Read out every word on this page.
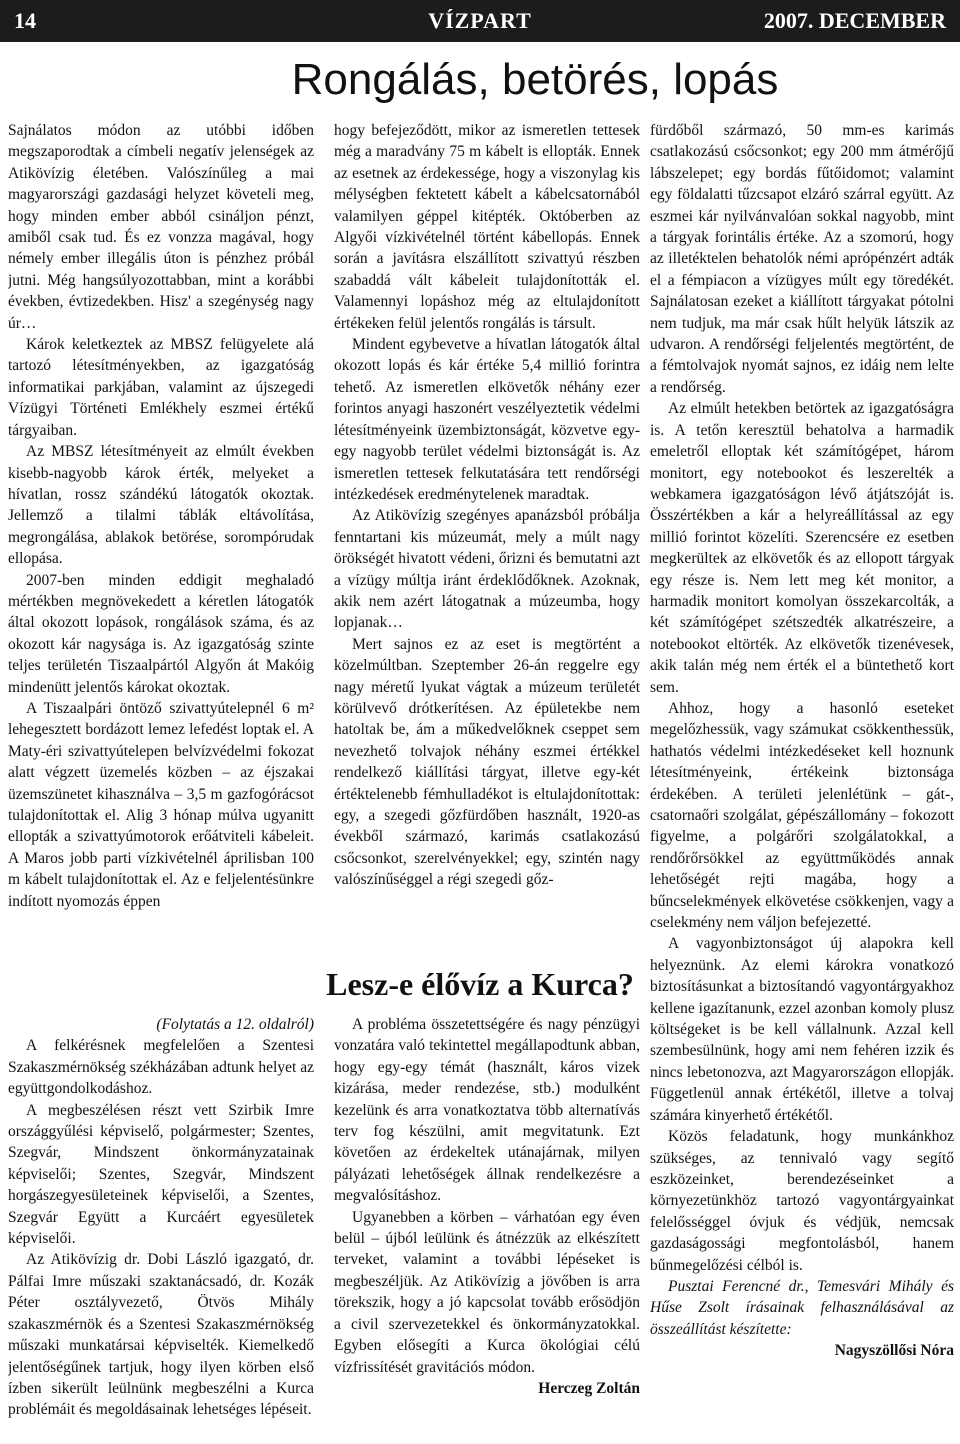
14	VÍZPART	2007. DECEMBER
Rongálás, betörés, lopás

Sajnálatos módon az utóbbi időben megszaporodtak a címbeli negatív jelenségek az Atikövízig életében. Valószínűleg a mai magyarországi gazdasági helyzet követeli meg, hogy minden ember abból csináljon pénzt, amiből csak tud. És ez vonzza magával, hogy némely ember illegális úton is pénzhez próbál jutni. Még hangsúlyozottabban, mint a korábbi években, évtizedekben. Hisz' a szegénység nagy úr…

Károk keletkeztek az MBSZ felügyelete alá tartozó létesítményekben, az igazgatóság informatikai parkjában, valamint az újszegedi Vízügyi Történeti Emlékhely eszmei értékű tárgyaiban.

Az MBSZ létesítményeit az elmúlt években kisebb-nagyobb károk érték, melyeket a hívatlan, rossz szándékú látogatók okoztak. Jellemző a tilalmi táblák eltávolítása, megrongálása, ablakok betörése, sorompórudak ellopása.

2007-ben minden eddigit meghaladó mértékben megnövekedett a kéretlen látogatók által okozott lopások, rongálások száma, és az okozott kár nagysága is. Az igazgatóság szinte teljes területén Tiszaalpártól Algyőn át Makóig mindenütt jelentős károkat okoztak.

A Tiszaalpári öntöző szivattyútelepnél 6 m² lehegesztett bordázott lemez lefedést loptak el. A Maty-éri szivattyútelepen belvízvédelmi fokozat alatt végzett üzemelés közben – az éjszakai üzemszünetet kihasználva – 3,5 m gazfogórácsot tulajdonítottak el. Alig 3 hónap múlva ugyanitt ellopták a szivattyúmotorok erőátviteli kábeleit. A Maros jobb parti vízkivételnél áprilisban 100 m kábelt tulajdonítottak el. Az e feljelentésünkre indított nyomozás éppen

hogy befejeződött, mikor az ismeretlen tettesek még a maradvány 75 m kábelt is ellopták. Ennek az esetnek az érdekessége, hogy a viszonylag kis mélységben fektetett kábelt a kábelcsatornából valamilyen géppel kitépték. Októberben az Algyői vízkivételnél történt kábellopás. Ennek során a javításra elszállított szivattyú részben szabaddá vált kábeleit tulajdonították el. Valamennyi lopáshoz még az eltulajdonított értékeken felül jelentős rongálás is társult.

Mindent egybevetve a hívatlan látogatók által okozott lopás és kár értéke 5,4 millió forintra tehető. Az ismeretlen elkövetők néhány ezer forintos anyagi haszonért veszélyeztetik védelmi létesítményeink üzembiztonságát, közvetve egy-egy nagyobb terület védelmi biztonságát is. Az ismeretlen tettesek felkutatására tett rendőrségi intézkedések eredménytelenek maradtak.

Az Atikövízig szegényes apanázsból próbálja fenntartani kis múzeumát, mely a múlt nagy örökségét hivatott védeni, őrizni és bemutatni azt a vízügy múltja iránt érdeklődőknek. Azoknak, akik nem azért látogatnak a múzeumba, hogy lopjanak…

Mert sajnos ez az eset is megtörtént a közelmúltban. Szeptember 26-án reggelre egy nagy méretű lyukat vágtak a múzeum területét körülvevő drótkerítésen. Az épületekbe nem hatoltak be, ám a műkedvelőknek cseppet sem nevezhető tolvajok néhány eszmei értékkel rendelkező kiállítási tárgyat, illetve egy-két értéktelenebb fémhulladékot is eltulajdonítottak: egy, a szegedi gőzfürdőben használt, 1920-as évekből származó, karimás csatlakozású csőcsonkot, szerelvényekkel; egy, szintén nagy valószínűséggel a régi szegedi gőz-

fürdőből származó, 50 mm-es karimás csatlakozású csőcsonkot; egy 200 mm átmérőjű lábszelepet; egy bordás fűtőidomot; valamint egy földalatti tűzcsapot elzáró szárral együtt. Az eszmei kár nyilvánvalóan sokkal nagyobb, mint a tárgyak forintális értéke. Az a szomorú, hogy az illetéktelen behatolók némi aprópénzért adták el a fémpiacon a vízügyes múlt egy töredékét. Sajnálatosan ezeket a kiállított tárgyakat pótolni nem tudjuk, ma már csak hűlt helyük látszik az udvaron. A rendőrségi feljelentés megtörtént, de a fémtolvajok nyomát sajnos, ez idáig nem lelte a rendőrség.

Az elmúlt hetekben betörtek az igazgatóságra is. A tetőn keresztül behatolva a harmadik emeletről elloptak két számítógépet, három monitort, egy notebookot és leszerelték a webkamera igazgatóságon lévő átjátszóját is. Összértékben a kár a helyreállítással az egy millió forintot közelíti. Szerencsére ez esetben megkerültek az elkövetők és az ellopott tárgyak egy része is. Nem lett meg két monitor, a harmadik monitort komolyan összekarcolták, a két számítógépet szétszedték alkatrészeire, a notebookot eltörték. Az elkövetők tizenévesek, akik talán még nem érték el a büntethető kort sem.

Ahhoz, hogy a hasonló eseteket megelőzhessük, vagy számukat csökkenthessük, hathatós védelmi intézkedéseket kell hoznunk létesítményeink, értékeink biztonsága érdekében. A területi jelenlétünk – gát-, csatornaőri szolgálat, gépészállomány – fokozott figyelme, a polgárőri szolgálatokkal, a rendőrőrsökkel az együttműködés annak lehetőségét rejti magába, hogy a bűncselekmények elkövetése csökkenjen, vagy a cselekmény nem váljon befejezetté.

A vagyonbiztonságot új alapokra kell helyeznünk. Az elemi károkra vonatkozó biztosításunkat a biztosítandó vagyontárgyakhoz kellene igazítanunk, ezzel azonban komoly plusz költségeket is be kell vállalnunk. Azzal kell szembesülnünk, hogy ami nem fehéren izzik és nincs lebetonozva, azt Magyarországon ellopják. Függetlenül annak értékétől, illetve a tolvaj számára kinyerhető értékétől.

Közös feladatunk, hogy munkánkhoz szükséges, az tennivaló vagy segítő eszközeinket, berendezéseinket a környezetünkhöz tartozó vagyontárgyainkat felelősséggel óvjuk és védjük, nemcsak gazdaságossági megfontolásból, hanem bűnmegelőzési célból is.

Pusztai Ferencné dr., Temesvári Mihály és Hűse Zsolt írásainak felhasználásával az összeállítást készítette:

Nagyszöllősi Nóra

Lesz-e élővíz a Kurca?

(Folytatás a 12. oldalról)

A felkérésnek megfelelően a Szentesi Szakaszmérnökség székházában adtunk helyet az együttgondolkodáshoz.

A megbeszélésen részt vett Szirbik Imre országgyűlési képviselő, polgármester; Szentes, Szegvár, Mindszent önkormányzatainak képviselői; Szentes, Szegvár, Mindszent horgászegyesületeinek képviselői, a Szentes, Szegvár Együtt a Kurcáért egyesületek képviselői.

Az Atikövízig dr. Dobi László igazgató, dr. Pálfai Imre műszaki szaktanácsadó, dr. Kozák Péter osztályvezető, Ötvös Mihály szakaszmérnök és a Szentesi Szakaszmérnökség műszaki munkatársai képviselték. Kiemelkedő jelentőségűnek tartjuk, hogy ilyen körben első ízben sikerült leülnünk megbeszélni a Kurca problémáit és megoldásainak lehetséges lépéseit.

A probléma összetettségére és nagy pénzügyi vonzatára való tekintettel megállapodtunk abban, hogy egy-egy témát (használt, káros vizek kizárása, meder rendezése, stb.) modulként kezelünk és arra vonatkoztatva több alternatívás terv fog készülni, amit megvitatunk. Ezt követően az érdekeltek utánajárnak, milyen pályázati lehetőségek állnak rendelkezésre a megvalósításhoz.

Ugyanebben a körben – várhatóan egy éven belül – újból leülünk és átnézzük az elkészített terveket, valamint a további lépéseket is megbeszéljük. Az Atikövízig a jövőben is arra törekszik, hogy a jó kapcsolat tovább erősödjön a civil szervezetekkel és önkormányzatokkal. Egyben elősegíti a Kurca ökológiai célú vízfrissítését gravitációs módon.

Herczeg Zoltán
